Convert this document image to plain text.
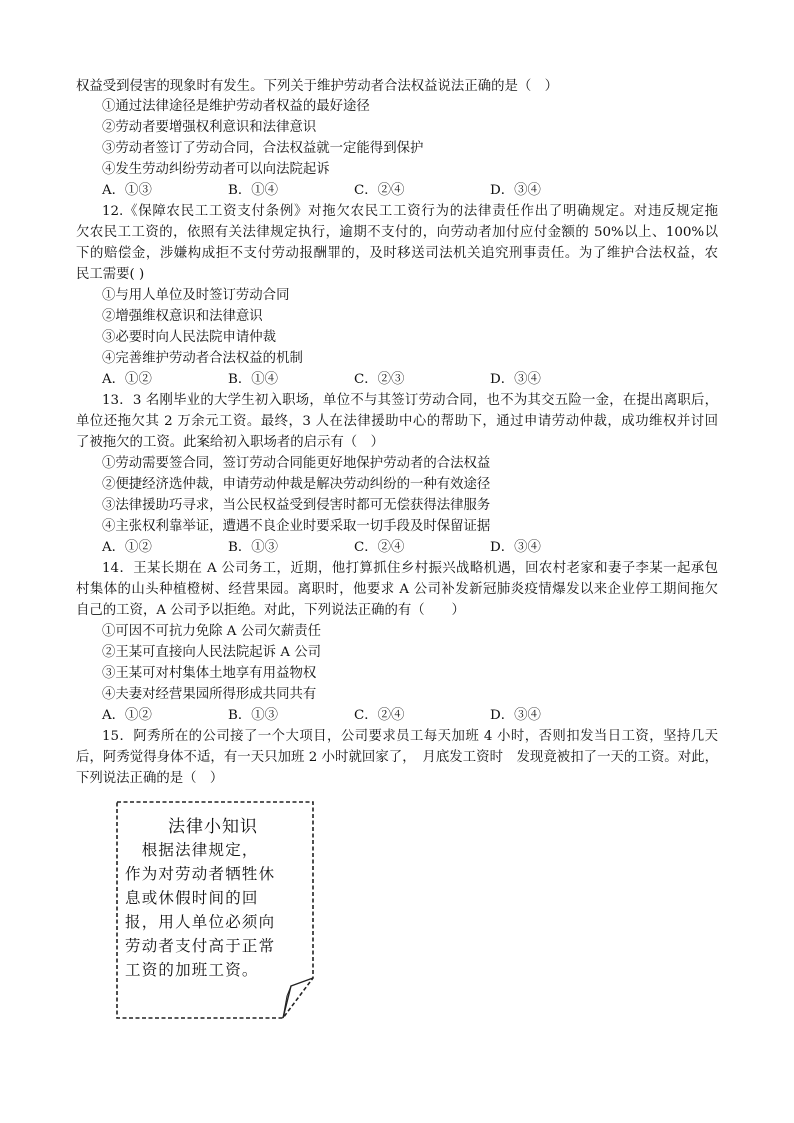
权益受到侵害的现象时有发生。下列关于维护劳动者合法权益说法正确的是（　）
①通过法律途径是维护劳动者权益的最好途径
②劳动者要增强权利意识和法律意识
③劳动者签订了劳动合同，合法权益就一定能得到保护
④发生劳动纠纷劳动者可以向法院起诉
A．①③	B．①④	C．②④	D．③④
12.《保障农民工工资支付条例》对拖欠农民工工资行为的法律责任作出了明确规定。对违反规定拖
欠农民工工资的，依照有关法律规定执行，逾期不支付的，向劳动者加付应付金额的 50%以上、100%以
下的赔偿金，涉嫌构成拒不支付劳动报酬罪的，及时移送司法机关追究刑事责任。为了维护合法权益，农
民工需要( )
①与用人单位及时签订劳动合同
②增强维权意识和法律意识
③必要时向人民法院申请仲裁
④完善维护劳动者合法权益的机制
A．①②	B．①④	C．②③	D．③④
13．3 名刚毕业的大学生初入职场，单位不与其签订劳动合同，也不为其交五险一金，在提出离职后，
单位还拖欠其 2 万余元工资。最终，3 人在法律援助中心的帮助下，通过申请劳动仲裁，成功维权并讨回
了被拖欠的工资。此案给初入职场者的启示有（　）
①劳动需要签合同，签订劳动合同能更好地保护劳动者的合法权益
②便捷经济选仲裁，申请劳动仲裁是解决劳动纠纷的一种有效途径
③法律援助巧寻求，当公民权益受到侵害时都可无偿获得法律服务
④主张权利靠举证，遭遇不良企业时要采取一切手段及时保留证据
A．①②	B．①③	C．②④	D．③④
14．王某长期在 A 公司务工，近期，他打算抓住乡村振兴战略机遇，回农村老家和妻子李某一起承包
村集体的山头种植橙树、经营果园。离职时，他要求 A 公司补发新冠肺炎疫情爆发以来企业停工期间拖欠
自己的工资，A 公司予以拒绝。对此，下列说法正确的有（　　）
①可因不可抗力免除 A 公司欠薪责任
②王某可直接向人民法院起诉 A 公司
③王某可对村集体土地享有用益物权
④夫妻对经营果园所得形成共同共有
A．①②	B．①③	C．②④	D．③④
15．阿秀所在的公司接了一个大项目，公司要求员工每天加班 4 小时，否则扣发当日工资，坚持几天
后，阿秀觉得身体不适，有一天只加班 2 小时就回家了，　月底发工资时　发现竟被扣了一天的工资。对此，
下列说法正确的是（　）
法律小知识
　根据法律规定，
作为对劳动者牺牲休
息或休假时间的回
报，用人单位必须向
劳动者支付高于正常
工资的加班工资。
